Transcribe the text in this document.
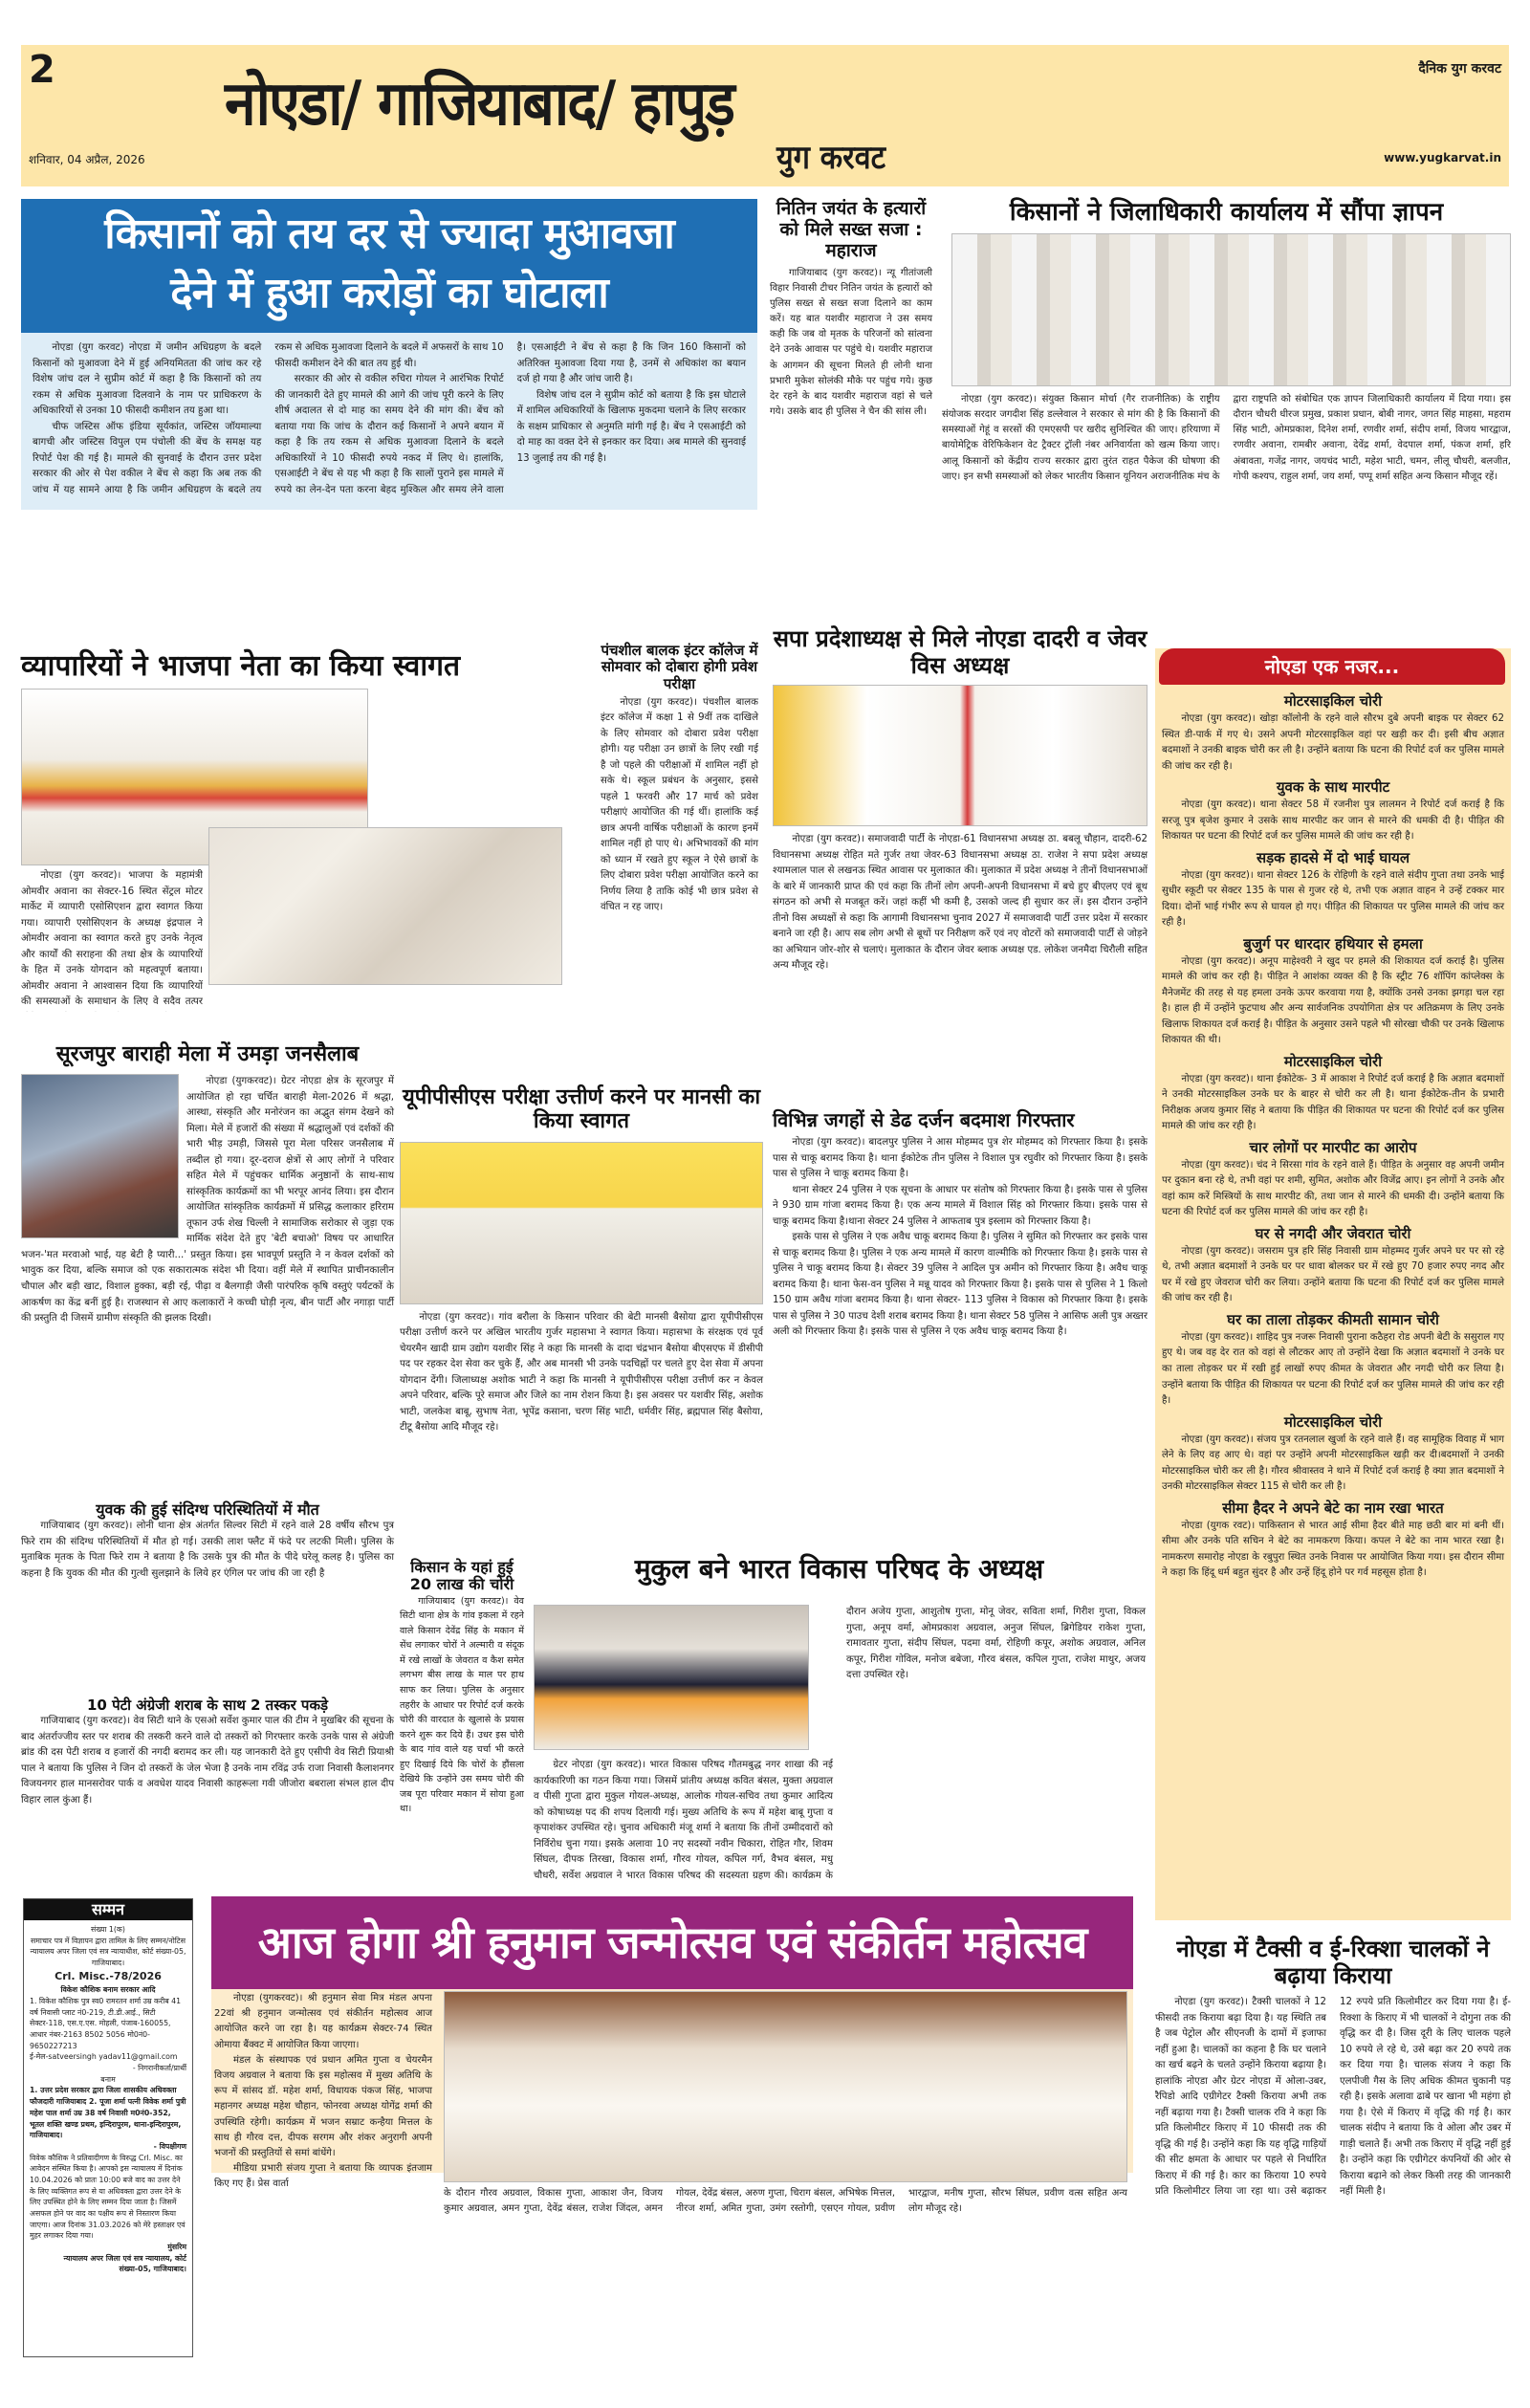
2	नोएडा/ गाजियाबाद/ हापुड़
युग करवट
शनिवार, 04 अप्रैल, 2026
दैनिक युग करवट
www.yugkarvat.in
किसानों को तय दर से ज्यादा मुआवजा
देने में हुआ करोड़ों का घोटाला

नोएडा (युग करवट) नोएडा में जमीन अधिग्रहण के बदले किसानों को मुआवजा देने में हुई अनियमितता की जांच कर रहे विशेष जांच दल ने सुप्रीम कोर्ट में कहा है कि किसानों को तय रकम से अधिक मुआवजा दिलवाने के नाम पर प्राधिकरण के अधिकारियों से उनका 10 फीसदी कमीशन तय हुआ था।

चीफ जस्टिस ऑफ इंडिया सूर्यकांत, जस्टिस जॉयमाल्या बागची और जस्टिस विपुल एम पंचोली की बेंच के समक्ष यह रिपोर्ट पेश की गई है। मामले की सुनवाई के दौरान उत्तर प्रदेश सरकार की ओर से पेश वकील ने बेंच से कहा कि अब तक की जांच में यह सामने आया है कि जमीन अधिग्रहण के बदले तय रकम से अधिक मुआवजा दिलाने के बदले में अफसरों के साथ 10 फीसदी कमीशन देने की बात तय हुई थी।

सरकार की ओर से वकील रुचिरा गोयल ने आरंभिक रिपोर्ट की जानकारी देते हुए मामले की आगे की जांच पूरी करने के लिए शीर्ष अदालत से दो माह का समय देने की मांग की। बेंच को बताया गया कि जांच के दौरान कई किसानों ने अपने बयान में कहा है कि तय रकम से अधिक मुआवजा दिलाने के बदले अधिकारियों ने 10 फीसदी रुपये नकद में लिए थे। हालांकि, एसआईटी ने बेंच से यह भी कहा है कि सालों पुराने इस मामले में रुपये का लेन-देन पता करना बेहद मुश्किल और समय लेने वाला है। एसआईटी ने बेंच से कहा है कि जिन 160 किसानों को अतिरिक्त मुआवजा दिया गया है, उनमें से अधिकांश का बयान दर्ज हो गया है और जांच जारी है।

विशेष जांच दल ने सुप्रीम कोर्ट को बताया है कि इस घोटाले में शामिल अधिकारियों के खिलाफ मुकदमा चलाने के लिए सरकार के सक्षम प्राधिकार से अनुमति मांगी गई है। बेंच ने एसआईटी को दो माह का वक्त देने से इनकार कर दिया। अब मामले की सुनवाई 13 जुलाई तय की गई है।

नितिन जयंत के हत्यारों को मिले सख्त सजा : महाराज

गाजियाबाद (युग करवट)। न्यू गीतांजली विहार निवासी टीचर नितिन जयंत के हत्यारों को पुलिस सख्त से सख्त सजा दिलाने का काम करें। यह बात यशवीर महाराज ने उस समय कही कि जब वो मृतक के परिजनों को सांत्वना देने उनके आवास पर पहुंचे थे। यशवीर महाराज के आगमन की सूचना मिलते ही लोनी थाना प्रभारी मुकेश सोलंकी मौके पर पहुंच गये। कुछ देर रहने के बाद यशवीर महाराज वहां से चले गये। उसके बाद ही पुलिस ने चैन की सांस ली।

किसानों ने जिलाधिकारी कार्यालय में सौंपा ज्ञापन

नोएडा (युग करवट)। संयुक्त किसान मोर्चा (गैर राजनीतिक) के राष्ट्रीय संयोजक सरदार जगदीश सिंह डल्लेवाल ने सरकार से मांग की है कि किसानों की समस्याओं गेहूं व सरसों की एमएसपी पर खरीद सुनिश्चित की जाए। हरियाणा में बायोमेट्रिक वेरिफिकेशन वेट ट्रैक्टर ट्रॉली नंबर अनिवार्यता को खत्म किया जाए। आलू किसानों को केंद्रीय राज्य सरकार द्वारा तुरंत राहत पैकेज की घोषणा की जाए। इन सभी समस्याओं को लेकर भारतीय किसान यूनियन अराजनीतिक मंच के द्वारा राष्ट्रपति को संबोधित एक ज्ञापन जिलाधिकारी कार्यालय में दिया गया। इस दौरान चौधरी धीरज प्रमुख, प्रकाश प्रधान, बोबी नागर, जगत सिंह माहसा, महराम सिंह भाटी, ओमप्रकाश, दिनेश शर्मा, रणवीर शर्मा, संदीप शर्मा, विजय भारद्वाज, रणवीर अवाना, रामबीर अवाना, देवेंद्र शर्मा, वेदपाल शर्मा, पंकज शर्मा, हरि अंबावता, गजेंद्र नागर, जयचंद भाटी, महेश भाटी, चमन, लीलू चौधरी, बलजीत, गोपी कश्यप, राहुल शर्मा, जय शर्मा, पप्पू शर्मा सहित अन्य किसान मौजूद रहें।

व्यापारियों ने भाजपा नेता का किया स्वागत

नोएडा (युग करवट)। भाजपा के महामंत्री ओमवीर अवाना का सेक्टर-16 स्थित सेंट्रल मोटर मार्केट में व्यापारी एसोसिएशन द्वारा स्वागत किया गया। व्यापारी एसोसिएशन के अध्यक्ष इंद्रपाल ने ओमवीर अवाना का स्वागत करते हुए उनके नेतृत्व और कार्यों की सराहना की तथा क्षेत्र के व्यापारियों के हित में उनके योगदान को महत्वपूर्ण बताया। ओमवीर अवाना ने आश्वासन दिया कि व्यापारियों की समस्याओं के समाधान के लिए वे सदैव तत्पर

पंचशील बालक इंटर कॉलेज में सोमवार को दोबारा होगी प्रवेश परीक्षा

नोएडा (युग करवट)। पंचशील बालक इंटर कॉलेज में कक्षा 1 से 9वीं तक दाखिले के लिए सोमवार को दोबारा प्रवेश परीक्षा होगी। यह परीक्षा उन छात्रों के लिए रखी गई है जो पहले की परीक्षाओं में शामिल नहीं हो सके थे। स्कूल प्रबंधन के अनुसार, इससे पहले 1 फरवरी और 17 मार्च को प्रवेश परीक्षाएं आयोजित की गई थीं। हालांकि कई छात्र अपनी वार्षिक परीक्षाओं के कारण इनमें शामिल नहीं हो पाए थे। अभिभावकों की मांग को ध्यान में रखते हुए स्कूल ने ऐसे छात्रों के लिए दोबारा प्रवेश परीक्षा आयोजित करने का निर्णय लिया है ताकि कोई भी छात्र प्रवेश से वंचित न रह जाए।

सपा प्रदेशाध्यक्ष से मिले नोएडा दादरी व जेवर विस अध्यक्ष

नोएडा (युग करवट)। समाजवादी पार्टी के नोएडा-61 विधानसभा अध्यक्ष ठा. बबलू चौहान, दादरी-62 विधानसभा अध्यक्ष रोहित मते गुर्जर तथा जेवर-63 विधानसभा अध्यक्ष ठा. राजेश ने सपा प्रदेश अध्यक्ष श्यामलाल पाल से लखनऊ स्थित आवास पर मुलाकात की। मुलाकात में प्रदेश अध्यक्ष ने तीनों विधानसभाओं के बारे में जानकारी प्राप्त की एवं कहा कि तीनों लोग अपनी-अपनी विधानसभा में बचे हुए बीएलए एवं बूथ संगठन को अभी से मजबूत करें। जहां कहीं भी कमी है, उसको जल्द ही सुधार कर लें। इस दौरान उन्होंने तीनो विस अध्यक्षों से कहा कि आगामी विधानसभा चुनाव 2027 में समाजवादी पार्टी उत्तर प्रदेश में सरकार बनाने जा रही है। आप सब लोग अभी से बूथों पर निरीक्षण करें एवं नए वोटरों को समाजवादी पार्टी से जोड़ने का अभियान जोर-शोर से चलाएं। मुलाकात के दौरान जेवर ब्लाक अध्यक्ष एड. लोकेश जनमैदा चिरौली सहित अन्य मौजूद रहे।

नोएडा एक नजर...
मोटरसाइकिल चोरी

नोएडा (युग करवट)। खोड़ा कॉलोनी के रहने वाले सौरभ दुबे अपनी बाइक पर सेक्टर 62 स्थित डी-पार्क में गए थे। उसने अपनी मोटरसाइकिल वहां पर खड़ी कर दी। इसी बीच अज्ञात बदमाशों ने उनकी बाइक चोरी कर ली है। उन्होंने बताया कि घटना की रिपोर्ट दर्ज कर पुलिस मामले की जांच कर रही है।

युवक के साथ मारपीट

नोएडा (युग करवट)। थाना सेक्टर 58 में रजनीश पुत्र लालमन ने रिपोर्ट दर्ज कराई है कि सरजू पुत्र बृजेश कुमार ने उसके साथ मारपीट कर जान से मारने की धमकी दी है। पीड़ित की शिकायत पर घटना की रिपोर्ट दर्ज कर पुलिस मामले की जांच कर रही है।

सड़क हादसे में दो भाई घायल

नोएडा (युग करवट)। थाना सेक्टर 126 के रोहिणी के रहने वाले संदीप गुप्ता तथा उनके भाई सुधीर स्कूटी पर सेक्टर 135 के पास से गुजर रहे थे, तभी एक अज्ञात वाहन ने उन्हें टक्कर मार दिया। दोनों भाई गंभीर रूप से घायल हो गए। पीड़ित की शिकायत पर पुलिस मामले की जांच कर रही है।

बुजुर्ग पर धारदार हथियार से हमला

नोएडा (युग करवट)। अनूप माहेश्वरी ने खुद पर हमले की शिकायत दर्ज कराई है। पुलिस मामले की जांच कर रही है। पीड़ित ने आशंका व्यक्त की है कि स्ट्रीट 76 शॉपिंग कांप्लेक्स के मैनेजमेंट की तरह से यह हमला उनके ऊपर करवाया गया है, क्योंकि उनसे उनका झगड़ा चल रहा है। हाल ही में उन्होंने फुटपाथ और अन्य सार्वजनिक उपयोगिता क्षेत्र पर अतिक्रमण के लिए उनके खिलाफ शिकायत दर्ज कराई है। पीड़ित के अनुसार उसने पहले भी सोरखा चौकी पर उनके खिलाफ शिकायत की थी।

मोटरसाइकिल चोरी

नोएडा (युग करवट)। थाना ईकोटेक- 3 में आकाश ने रिपोर्ट दर्ज कराई है कि अज्ञात बदमाशों ने उनकी मोटरसाइकिल उनके घर के बाहर से चोरी कर ली है। थाना ईकोटेक-तीन के प्रभारी निरीक्षक अजय कुमार सिंह ने बताया कि पीड़ित की शिकायत पर घटना की रिपोर्ट दर्ज कर पुलिस मामले की जांच कर रही है।

चार लोगों पर मारपीट का आरोप

नोएडा (युग करवट)। चंद ने सिरसा गांव के रहने वाले हैं। पीड़ित के अनुसार वह अपनी जमीन पर दुकान बना रहे थे, तभी वहां पर शमी, सुमित, अशोक और विजेंद्र आए। इन लोगों ने उनके और वहां काम करें मिस्त्रियों के साथ मारपीट की, तथा जान से मारने की धमकी दी। उन्होंने बताया कि घटना की रिपोर्ट दर्ज कर पुलिस मामले की जांच कर रही है।

घर से नगदी और जेवरात चोरी

नोएडा (युग करवट)। जसराम पुत्र हरि सिंह निवासी ग्राम मोहम्मद गुर्जर अपने घर पर सो रहे थे, तभी अज्ञात बदमाशों ने उनके घर पर धावा बोलकर घर में रखे हुए 70 हजार रुपए नगद और घर में रखे हुए जेवराज चोरी कर लिया। उन्होंने बताया कि घटना की रिपोर्ट दर्ज कर पुलिस मामले की जांच कर रही है।

घर का ताला तोड़कर कीमती सामान चोरी

नोएडा (युग करवट)। शाहिद पुत्र नजरू निवासी पुराना कठैहरा रोड अपनी बेटी के ससुराल गए हुए थे। जब वह देर रात को वहां से लौटकर आए तो उन्होंने देखा कि अज्ञात बदमाशों ने उनके घर का ताला तोड़कर घर में रखी हुई लाखों रुपए कीमत के जेवरात और नगदी चोरी कर लिया है। उन्होंने बताया कि पीड़ित की शिकायत पर घटना की रिपोर्ट दर्ज कर पुलिस मामले की जांच कर रही है।

मोटरसाइकिल चोरी

नोएडा (युग करवट)। संजय पुत्र रतनलाल खुर्जा के रहने वाले हैं। वह सामूहिक विवाह में भाग लेने के लिए वह आए थे। वहां पर उन्होंने अपनी मोटरसाइकिल खड़ी कर दी।बदमाशों ने उनकी मोटरसाइकिल चोरी कर ली है। गौरव श्रीवास्तव ने थाने में रिपोर्ट दर्ज कराई है क्या ज्ञात बदमाशों ने उनकी मोटरसाइकिल सेक्टर 115 से चोरी कर ली है।

सीमा हैदर ने अपने बेटे का नाम रखा भारत

नोएडा (युगक रवट)। पाकिस्तान से भारत आई सीमा हैदर बीते माह छठी बार मां बनी थीं। सीमा और उनके पति सचिन ने बेटे का नामकरण किया। कपल ने बेटे का नाम भारत रखा है। नामकरण समारोह नोएडा के रबुपुरा स्थित उनके निवास पर आयोजित किया गया। इस दौरान सीमा ने कहा कि हिंदू धर्म बहुत सुंदर है और उन्हें हिंदू होने पर गर्व महसूस होता है।

सूरजपुर बाराही मेला में उमड़ा जनसैलाब

नोएडा (युगकरवट)। ग्रेटर नोएडा क्षेत्र के सूरजपुर में आयोजित हो रहा चर्चित बाराही मेला-2026 में श्रद्धा, आस्था, संस्कृति और मनोरंजन का अद्भुत संगम देखने को मिला। मेले में हजारों की संख्या में श्रद्धालुओं एवं दर्शकों की भारी भीड़ उमड़ी, जिससे पूरा मेला परिसर जनसैलाब में तब्दील हो गया। दूर-दराज क्षेत्रों से आए लोगों ने परिवार सहित मेले में पहुंचकर धार्मिक अनुष्ठानों के साथ-साथ सांस्कृतिक कार्यक्रमों का भी भरपूर आनंद लिया। इस दौरान आयोजित सांस्कृतिक कार्यक्रमों में प्रसिद्ध कलाकार हरिराम तूफान उर्फ शेख चिल्ली ने सामाजिक सरोकार से जुड़ा एक मार्मिक संदेश देते हुए 'बेटी बचाओ' विषय पर आधारित भजन-'मत मरवाओ भाई, यह बेटी है प्यारी...' प्रस्तुत किया। इस भावपूर्ण प्रस्तुति ने न केवल दर्शकों को भावुक कर दिया, बल्कि समाज को एक सकारात्मक संदेश भी दिया। वहीं मेले में स्थापित प्राचीनकालीन चौपाल और बड़ी खाट, विशाल हुक्का, बड़ी रई, पीढ़ा व बैलगाड़ी जैसी पारंपरिक कृषि वस्तुएं पर्यटकों के आकर्षण का केंद्र बनीं हुई है। राजस्थान से आए कलाकारों ने कच्ची घोड़ी नृत्य, बीन पार्टी और नगाड़ा पार्टी की प्रस्तुति दी जिसमें ग्रामीण संस्कृति की झलक दिखी।

यूपीपीसीएस परीक्षा उत्तीर्ण करने पर मानसी का किया स्वागत

नोएडा (युग करवट)। गांव बरौला के किसान परिवार की बेटी मानसी बैसोया द्वारा यूपीपीसीएस परीक्षा उत्तीर्ण करने पर अखिल भारतीय गुर्जर महासभा ने स्वागत किया। महासभा के संरक्षक एवं पूर्व चेयरमैन खादी ग्राम उद्योग यशवीर सिंह ने कहा कि मानसी के दादा चंद्रभान बैसोया बीएसएफ में डीसीपी पद पर रहकर देश सेवा कर चुके हैं, और अब मानसी भी उनके पदचिह्नों पर चलते हुए देश सेवा में अपना योगदान देंगी। जिलाध्यक्ष अशोक भाटी ने कहा कि मानसी ने यूपीपीसीएस परीक्षा उत्तीर्ण कर न केवल अपने परिवार, बल्कि पूरे समाज और जिले का नाम रोशन किया है। इस अवसर पर यशवीर सिंह, अशोक भाटी, जलकेश बाबू, सुभाष नेता, भूपेंद्र कसाना, चरण सिंह भाटी, धर्मवीर सिंह, ब्रह्मपाल सिंह बैसोया, टीटू बैसोया आदि मौजूद रहे।

विभिन्न जगहों से डेढ दर्जन बदमाश गिरफ्तार

नोएडा (युग करवट)। बादलपुर पुलिस ने आस मोहम्मद पुत्र शेर मोहम्मद को गिरफ्तार किया है। इसके पास से चाकू बरामद किया है। थाना ईकोटेक तीन पुलिस ने विशाल पुत्र रघुवीर को गिरफ्तार किया है। इसके पास से पुलिस ने चाकू बरामद किया है।

थाना सेक्टर 24 पुलिस ने एक सूचना के आधार पर संतोष को गिरफ्तार किया है। इसके पास से पुलिस ने 930 ग्राम गांजा बरामद किया है। एक अन्य मामले में विशाल सिंह को गिरफ्तार किया। इसके पास से चाकू बरामद किया है।थाना सेक्टर 24 पुलिस ने आफताब पुत्र इस्लाम को गिरफ्तार किया है।

इसके पास से पुलिस ने एक अवैध चाकू बरामद किया है। पुलिस ने सुमित को गिरफ्तार कर इसके पास से चाकू बरामद किया है। पुलिस ने एक अन्य मामले में कारण वाल्मीकि को गिरफ्तार किया है। इसके पास से पुलिस ने चाकू बरामद किया है। सेक्टर 39 पुलिस ने आदिल पुत्र अमीन को गिरफ्तार किया है। अवैध चाकू बरामद किया है। थाना फेस-वन पुलिस ने मन्नू यादव को गिरफ्तार किया है। इसके पास से पुलिस ने 1 किलो 150 ग्राम अवैध गांजा बरामद किया है। थाना सेक्टर- 113 पुलिस ने विकास को गिरफ्तार किया है। इसके पास से पुलिस ने 30 पाउच देशी शराब बरामद किया है। थाना सेक्टर 58 पुलिस ने आसिफ अली पुत्र अख्तर अली को गिरफ्तार किया है। इसके पास से पुलिस ने एक अवैध चाकू बरामद किया है।

युवक की हुई संदिग्ध परिस्थितियों में मौत

गाजियाबाद (युग करवट)। लोनी थाना क्षेत्र अंतर्गत सिल्वर सिटी में रहने वाले 28 वर्षीय सौरभ पुत्र फिरे राम की संदिग्ध परिस्थितियों में मौत हो गई। उसकी लाश फ्लैट में फंदे पर लटकी मिली। पुलिस के मुताबिक मृतक के पिता फिरे राम ने बताया है कि उसके पुत्र की मौत के पीदे घरेलू कलह है। पुलिस का कहना है कि युवक की मौत की गुत्थी सुलझाने के लिये हर एंगिल पर जांच की जा रही है

10 पेटी अंग्रेजी शराब के साथ 2 तस्कर पकड़े

गाजियाबाद (युग करवट)। वेव सिटी थाने के एसओ सर्वेश कुमार पाल की टीम ने मुखबिर की सूचना के बाद अंतर्राज्जीय स्तर पर शराब की तस्करी करने वाले दो तस्करों को गिरफ्तार करके उनके पास से अंग्रेजी ब्रांड की दस पेटी शराब व हजारों की नगदी बरामद कर ली। यह जानकारी देते हुए एसीपी वेव सिटी प्रियाश्री पाल ने बताया कि पुलिस ने जिन दो तस्करों के जेल भेजा है उनके नाम रविंद्र उर्फ राजा निवासी कैलाशनगर विजयनगर हाल मानसरोवर पार्क व अवधेश यादव निवासी काहरूला गवी जीजोरा बबराला संभल हाल दीप विहार लाल कुंआ हैं।

किसान के यहां हुई 20 लाख की चोरी

गाजियाबाद (युग करवट)। वेव सिटी थाना क्षेत्र के गांव इकला में रहने वाले किसान देवेंद्र सिंह के मकान में सेंध लगाकर चोरों ने अल्मारी व संदूक में रखे लाखों के जेवरात व कैश समेत लगभग बीस लाख के माल पर हाथ साफ कर लिया। पुलिस के अनुसार तहरीर के आधार पर रिपोर्ट दर्ज करके चोरी की वारदात के खुलासे के प्रयास करने शुरू कर दिये हैं। उधर इस चोरी के बाद गांव वाले यह चर्चा भी करते हुए दिखाई दिये कि चोरों के हौंसला देखिये कि उन्होंने उस समय चोरी की जब पूरा परिवार मकान में सोया हुआ था।

मुकुल बने भारत विकास परिषद के अध्यक्ष

ग्रेटर नोएडा (युग करवट)। भारत विकास परिषद गौतमबुद्ध नगर शाखा की नई कार्यकारिणी का गठन किया गया। जिसमें प्रांतीय अध्यक्ष कवित बंसल, मुक्ता अग्रवाल व पीसी गुप्ता द्वारा मुकुल गोयल-अध्यक्ष, आलोक गोयल-सचिव तथा कुमार आदित्य को कोषाध्यक्ष पद की शपथ दिलायी गई। मुख्य अतिथि के रूप में महेश बाबू गुप्ता व कृपाशंकर उपस्थित रहे। चुनाव अधिकारी मंजू शर्मा ने बताया कि तीनों उम्मीदवारों को निर्विरोध चुना गया। इसके अलावा 10 नए सदस्यों नवीन चिकारा, रोहित गौर, शिवम सिंघल, दीपक तिरखा, विकास शर्मा, गौरव गोयल, कपिल गर्ग, वैभव बंसल, मधु चौधरी, सर्वेश अग्रवाल ने भारत विकास परिषद की सदस्यता ग्रहण की। कार्यक्रम के दौरान अजेय गुप्ता, आशुतोष गुप्ता, मोनू जेवर, सविता शर्मा, गिरीश गुप्ता, विकल गुप्ता, अनूप वर्मा, ओमप्रकाश अग्रवाल, अनुज सिंघल, ब्रिगेडियर राकेश गुप्ता, रामावतार गुप्ता, संदीप सिंघल, पदमा वर्मा, रोहिणी कपूर, अशोक अग्रवाल, अनिल कपूर, गिरीश गोविल, मनोज बबेजा, गौरव बंसल, कपिल गुप्ता, राजेश माथुर, अजय दत्ता उपस्थित रहे।

सम्मन
संख्या 1(क)
समाचार पत्र में विज्ञापन द्वारा तामिल के लिए सम्मन/नोटिस
न्यायालय अपर जिला एवं सत्र न्यायाधीश, कोर्ट संख्या-05, गाजियाबाद।
Crl. Misc.-78/2026
विकेश कौशिक बनाम सरकार आदि
1. विकेश कौशिक पुत्र स्व0 रामरतन शर्मा उम्र करीब 41 वर्ष निवासी प्लाट नं0-219, टी.डी.आई., सिटी सेक्टर-118, एस.ए.एस. मोहली, पंजाब-160055, आधार नंबर-2163 8502 5056 मो0नं0-9650227213
ई-मेल-satveersingh yadav11@gmail.com
- निगरानीकर्ता/प्रार्थी
बनाम
1. उत्तर प्रदेश सरकार द्वारा जिला शासकीय अधिवक्ता फौजदारी गाजियाबाद 2. पूजा शर्मा पत्नी विवेक शर्मा पुत्री महेश पाल शर्मा उम्र 38 वर्ष निवासी म0नं0-352, भूतल शक्ति खण्ड प्रथम, इन्दिरापुरम, थाना-इन्दिरापुरम, गाजियाबाद।
- विपक्षीगण
विवेक कौशिक ने प्रतिवादीगण के विरुद्ध Crl. Misc. का आवेदन संस्थित किया है। आपको इस न्यायालय में दिनांक 10.04.2026 को प्रातः 10:00 बजे वाद का उत्तर देने के लिए व्यक्तिगत रूप से या अधिवक्ता द्वारा उत्तर देने के लिए उपस्थित होने के लिए सम्मन दिया जाता है। जिसमें असफल होने पर वाद का पक्षीय रूप से निस्तारण किया जाएगा। आज दिनांक 31.03.2026 को मेरे हस्ताक्षर एवं मुहर लगाकर दिया गया।
मुंसरिम
न्यायालय अपर जिला एवं सत्र न्यायालय, कोर्ट संख्या-05, गाजियाबाद।
आज होगा श्री हनुमान जन्मोत्सव एवं संकीर्तन महोत्सव

नोएडा (युगकरवट)। श्री हनुमान सेवा मित्र मंडल अपना 22वां श्री हनुमान जन्मोत्सव एवं संकीर्तन महोत्सव आज आयोजित करने जा रहा है। यह कार्यक्रम सेक्टर-74 स्थित ओमाया बैंक्वट में आयोजित किया जाएगा।

मंडल के संस्थापक एवं प्रधान अमित गुप्ता व चेयरमैन विजय अग्रवाल ने बताया कि इस महोत्सव में मुख्य अतिथि के रूप में सांसद डॉ. महेश शर्मा, विधायक पंकज सिंह, भाजपा महानगर अध्यक्ष महेश चौहान, फोनरवा अध्यक्ष योगेंद्र शर्मा की उपस्थिति रहेगी। कार्यक्रम में भजन सम्राट कन्हैया मित्तल के साथ ही गौरव दत्त, दीपक सरगम और शंकर अनुरागी अपनी भजनों की प्रस्तुतियों से समां बांधेंगे।

मीडिया प्रभारी संजय गुप्ता ने बताया कि व्यापक इंतजाम किए गए हैं। प्रेस वार्ता

के दौरान गौरव अग्रवाल, विकास गुप्ता, आकाश जैन, विजय कुमार अग्रवाल, अमन गुप्ता, देवेंद्र बंसल, राजेश जिंदल, अमन गोयल, देवेंद्र बंसल, अरुण गुप्ता, चिराग बंसल, अभिषेक मित्तल, नीरज शर्मा, अमित गुप्ता, उमंग रस्तोगी, एसएन गोयल, प्रवीण भारद्वाज, मनीष गुप्ता, सौरभ सिंघल, प्रवीण वत्स सहित अन्य लोग मौजूद रहे।

नोएडा में टैक्सी व ई-रिक्शा चालकों ने बढ़ाया किराया

नोएडा (युग करवट)। टैक्सी चालकों ने 12 फीसदी तक किराया बढ़ा दिया है। यह स्थिति तब है जब पेट्रोल और सीएनजी के दामों में इजाफा नहीं हुआ है। चालकों का कहना है कि घर चलाने का खर्च बढ़ने के चलते उन्होंने किराया बढ़ाया है। हालांकि नोएडा और ग्रेटर नोएडा में ओला-उबर, रैपिडो आदि एग्रीगेटर टैक्सी किराया अभी तक नहीं बढ़ाया गया है। टैक्सी चालक रवि ने कहा कि प्रति किलोमीटर किराए में 10 फीसदी तक की वृद्धि की गई है। उन्होंने कहा कि यह वृद्धि गाड़ियों की सीट क्षमता के आधार पर पहले से निर्धारित किराए में की गई है। कार का किराया 10 रुपये प्रति किलोमीटर लिया जा रहा था। उसे बढ़ाकर 12 रुपये प्रति किलोमीटर कर दिया गया है। ई-रिक्शा के किराए में भी चालकों ने दोगुना तक की वृद्धि कर दी है। जिस दूरी के लिए चालक पहले 10 रुपये ले रहे थे, उसे बढ़ा कर 20 रुपये तक कर दिया गया है। चालक संजय ने कहा कि एलपीजी गैस के लिए अधिक कीमत चुकानी पड़ रही है। इसके अलावा ढाबे पर खाना भी महंगा हो गया है। ऐसे में किराए में वृद्धि की गई है। कार चालक संदीप ने बताया कि वे ओला और उबर में गाड़ी चलाते हैं। अभी तक किराए में वृद्धि नहीं हुई है। उन्होंने कहा कि एग्रीगेटर कंपनियों की ओर से किराया बढ़ाने को लेकर किसी तरह की जानकारी नहीं मिली है।
